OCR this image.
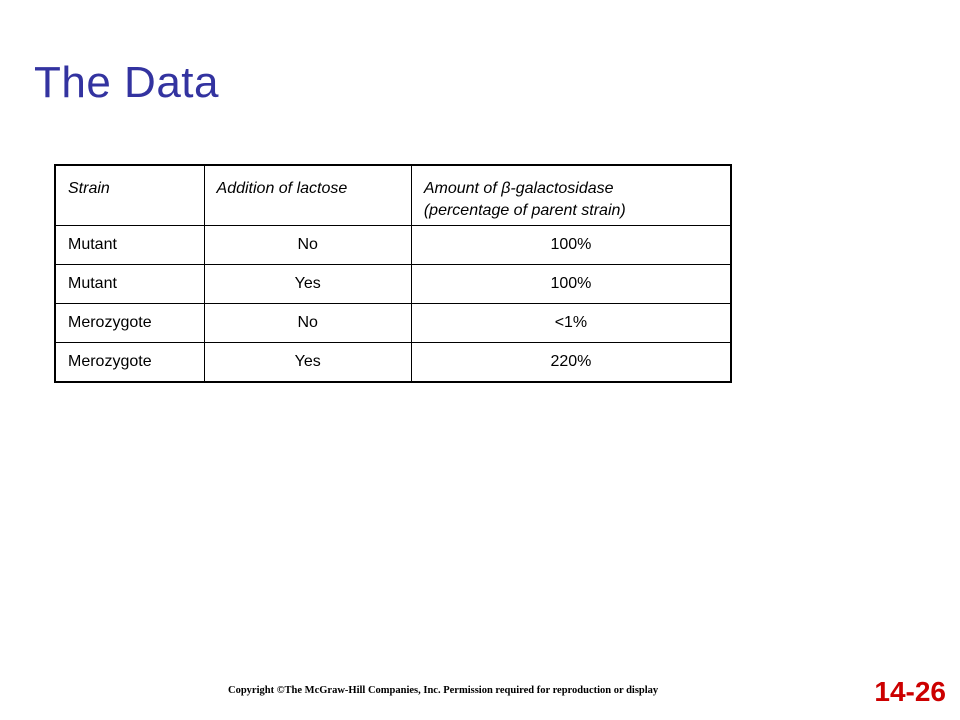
The Data
Strain	Addition of lactose	Amount of β-galactosidase
(percentage of parent strain)
Mutant	No	100%
Mutant	Yes	100%
Merozygote	No	<1%
Merozygote	Yes	220%
Copyright ©The McGraw-Hill Companies, Inc. Permission required for reproduction or display	14-26
